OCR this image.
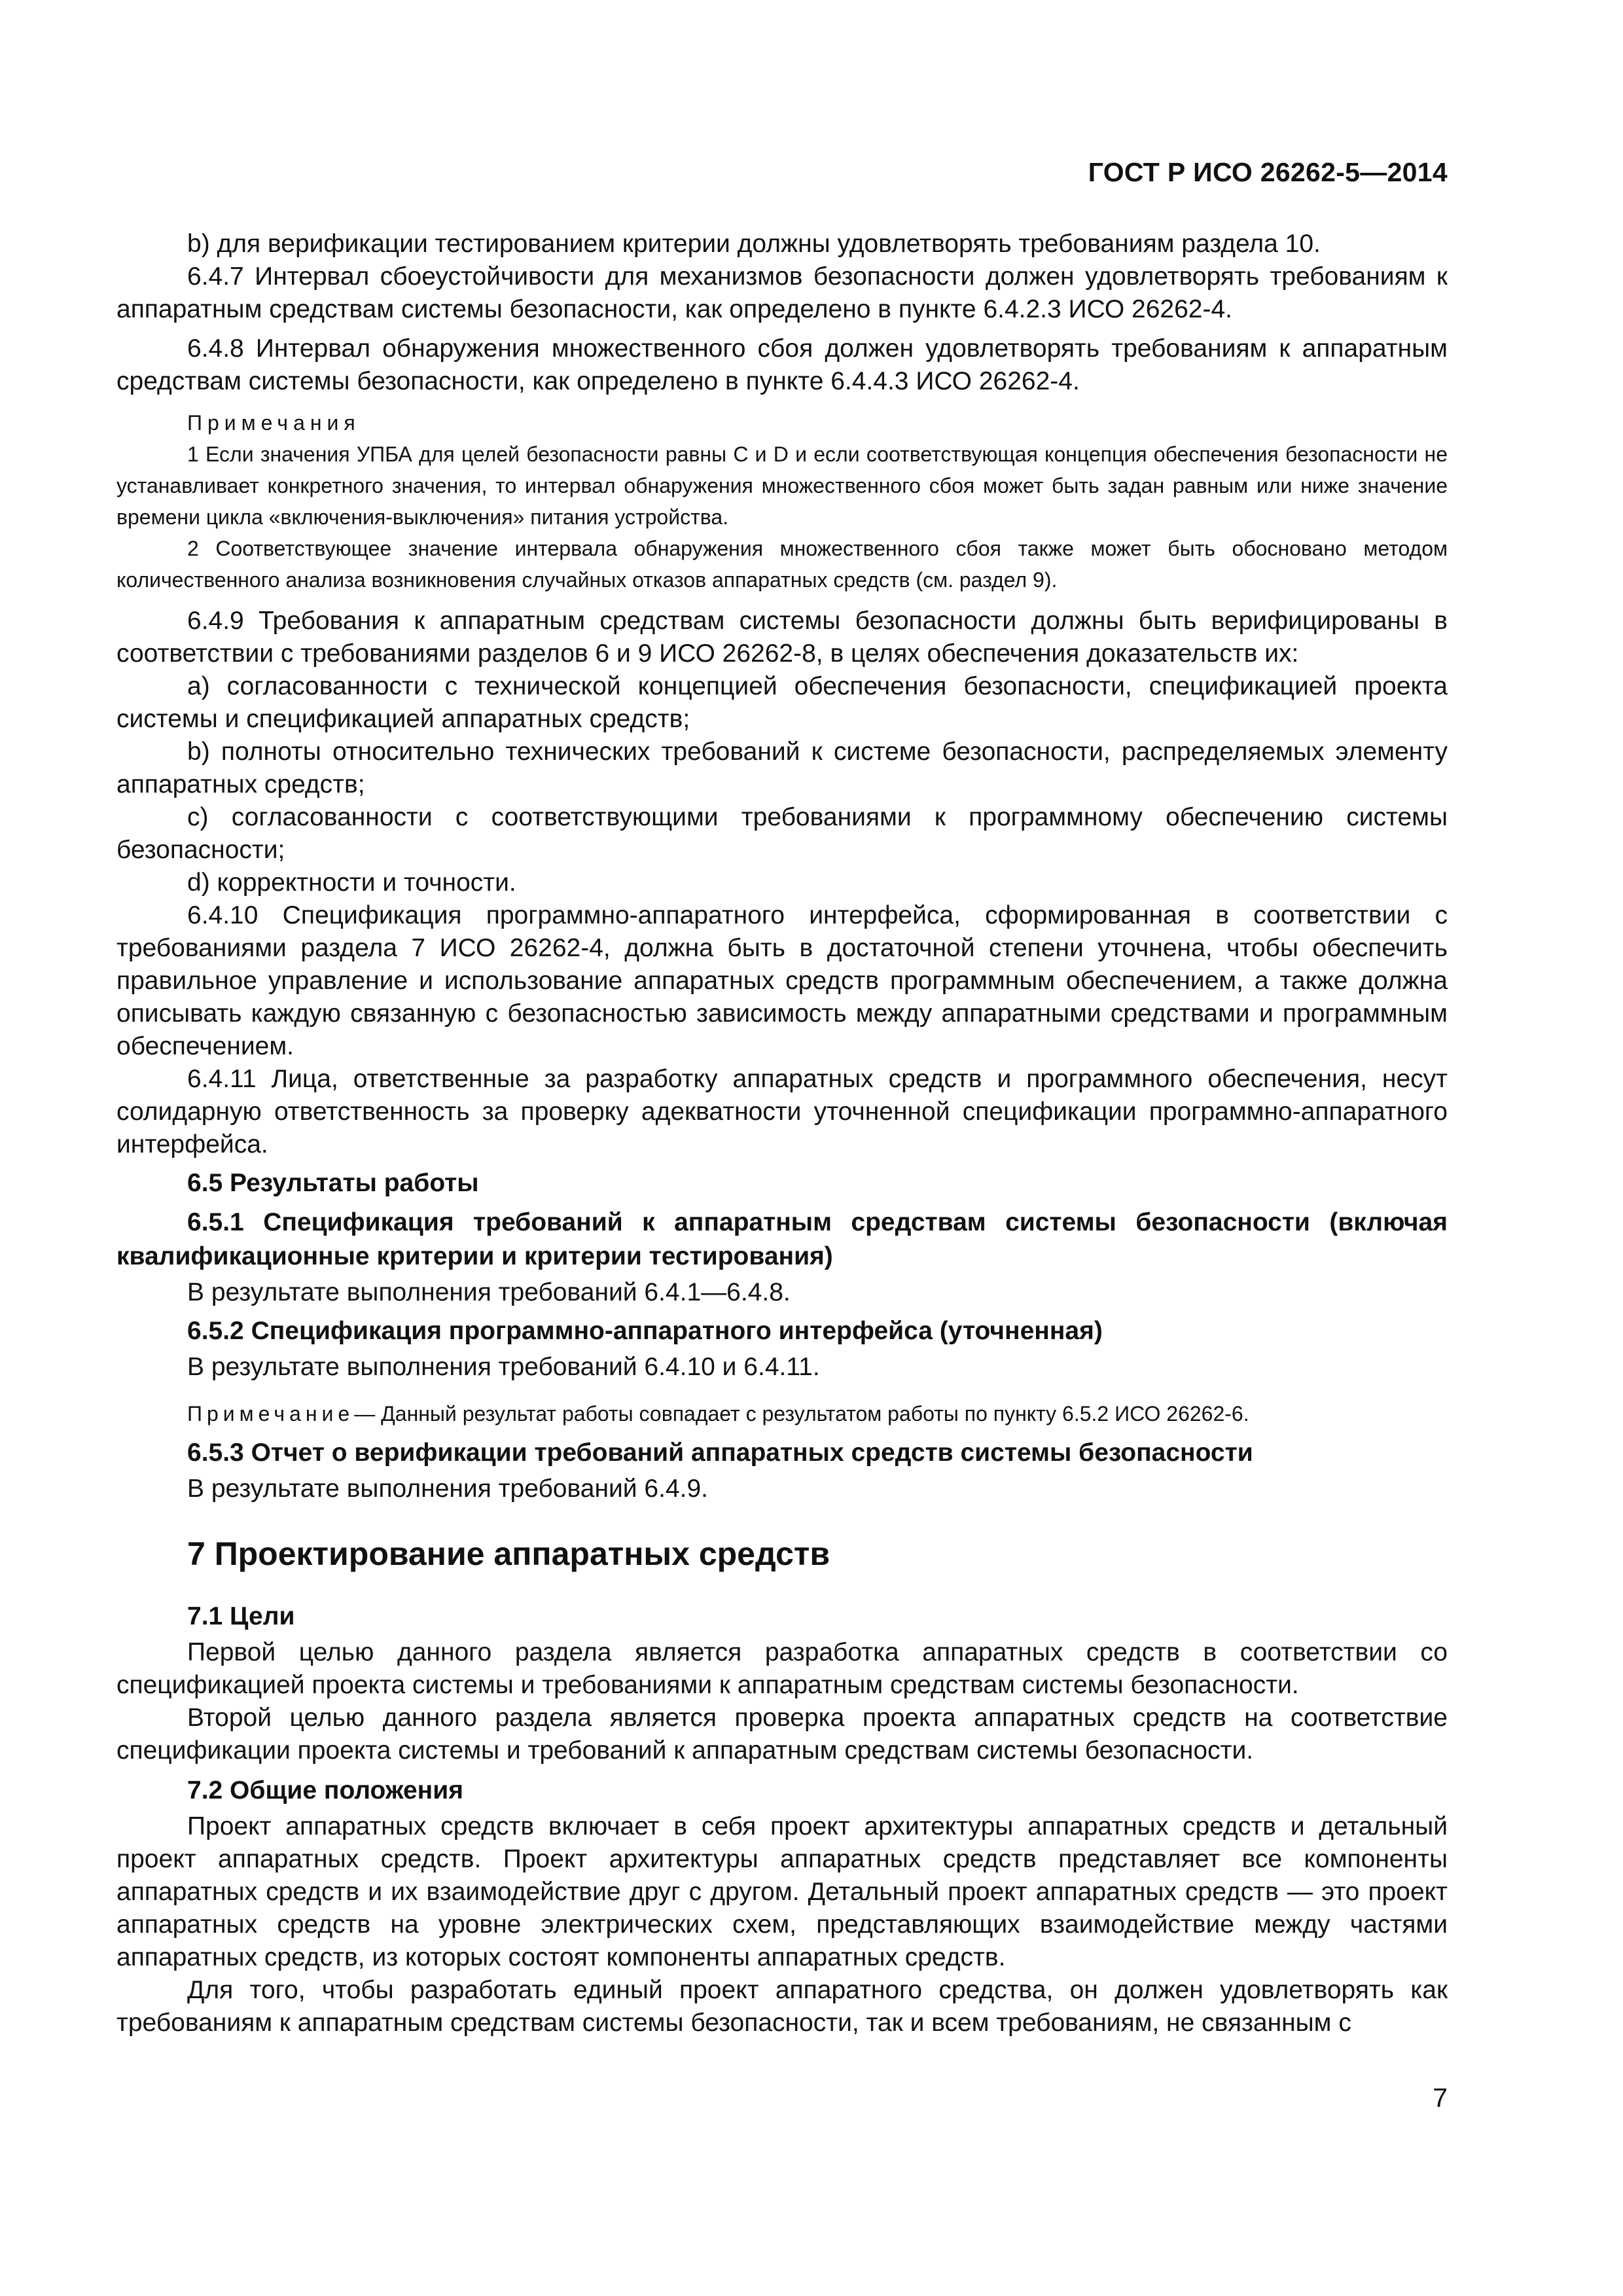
ГОСТ Р ИСО 26262-5—2014

b) для верификации тестированием критерии должны удовлетворять требованиям раздела 10.

6.4.7 Интервал сбоеустойчивости для механизмов безопасности должен удовлетворять требованиям к аппаратным средствам системы безопасности, как определено в пункте 6.4.2.3 ИСО 26262-4.

6.4.8 Интервал обнаружения множественного сбоя должен удовлетворять требованиям к аппаратным средствам системы безопасности, как определено в пункте 6.4.4.3 ИСО 26262-4.

Примечания

1 Если значения УПБА для целей безопасности равны C и D и если соответствующая концепция обеспечения безопасности не устанавливает конкретного значения, то интервал обнаружения множественного сбоя может быть задан равным или ниже значение времени цикла «включения-выключения» питания устройства.

2 Соответствующее значение интервала обнаружения множественного сбоя также может быть обосновано методом количественного анализа возникновения случайных отказов аппаратных средств (см. раздел 9).

6.4.9 Требования к аппаратным средствам системы безопасности должны быть верифицированы в соответствии с требованиями разделов 6 и 9 ИСО 26262-8, в целях обеспечения доказательств их:

a) согласованности с технической концепцией обеспечения безопасности, спецификацией проекта системы и спецификацией аппаратных средств;

b) полноты относительно технических требований к системе безопасности, распределяемых элементу аппаратных средств;

c) согласованности с соответствующими требованиями к программному обеспечению системы безопасности;

d) корректности и точности.

6.4.10 Спецификация программно-аппаратного интерфейса, сформированная в соответствии с требованиями раздела 7 ИСО 26262-4, должна быть в достаточной степени уточнена, чтобы обеспечить правильное управление и использование аппаратных средств программным обеспечением, а также должна описывать каждую связанную с безопасностью зависимость между аппаратными средствами и программным обеспечением.

6.4.11 Лица, ответственные за разработку аппаратных средств и программного обеспечения, несут солидарную ответственность за проверку адекватности уточненной спецификации программно-аппаратного интерфейса.

6.5 Результаты работы

6.5.1 Спецификация требований к аппаратным средствам системы безопасности (включая квалификационные критерии и критерии тестирования)

В результате выполнения требований 6.4.1—6.4.8.

6.5.2 Спецификация программно-аппаратного интерфейса (уточненная)

В результате выполнения требований 6.4.10 и 6.4.11.

Примечание— Данный результат работы совпадает с результатом работы по пункту 6.5.2 ИСО 26262-6.

6.5.3 Отчет о верификации требований аппаратных средств системы безопасности

В результате выполнения требований 6.4.9.

7 Проектирование аппаратных средств

7.1 Цели

Первой целью данного раздела является разработка аппаратных средств в соответствии со спецификацией проекта системы и требованиями к аппаратным средствам системы безопасности.

Второй целью данного раздела является проверка проекта аппаратных средств на соответствие спецификации проекта системы и требований к аппаратным средствам системы безопасности.

7.2 Общие положения

Проект аппаратных средств включает в себя проект архитектуры аппаратных средств и детальный проект аппаратных средств. Проект архитектуры аппаратных средств представляет все компоненты аппаратных средств и их взаимодействие друг с другом. Детальный проект аппаратных средств — это проект аппаратных средств на уровне электрических схем, представляющих взаимодействие между частями аппаратных средств, из которых состоят компоненты аппаратных средств.

Для того, чтобы разработать единый проект аппаратного средства, он должен удовлетворять как требованиям к аппаратным средствам системы безопасности, так и всем требованиям, не связанным с

7
